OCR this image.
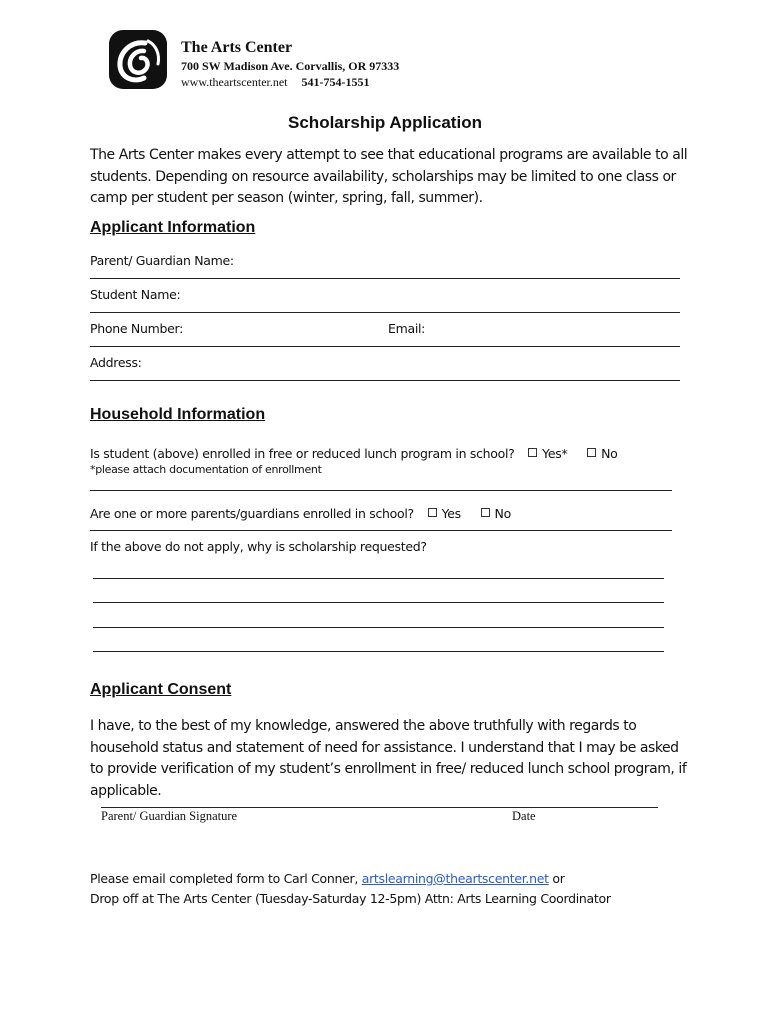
The Arts Center
700 SW Madison Ave. Corvallis, OR 97333
www.theartscenter.net 541-754-1551
Scholarship Application
The Arts Center makes every attempt to see that educational programs are available to all students. Depending on resource availability, scholarships may be limited to one class or camp per student per season (winter, spring, fall, summer).
Applicant Information
Parent/ Guardian Name:
Student Name:
Phone Number:	Email:
Address:
Household Information
Is student (above) enrolled in free or reduced lunch program in school? Yes*	No
*please attach documentation of enrollment
Are one or more parents/guardians enrolled in school? Yes	No
If the above do not apply, why is scholarship requested?
Applicant Consent
I have, to the best of my knowledge, answered the above truthfully with regards to household status and statement of need for assistance. I understand that I may be asked to provide verification of my student’s enrollment in free/ reduced lunch school program, if applicable.
Parent/ Guardian Signature	Date
Please email completed form to Carl Conner, artslearning@theartscenter.net or
Drop off at The Arts Center (Tuesday-Saturday 12-5pm) Attn: Arts Learning Coordinator
